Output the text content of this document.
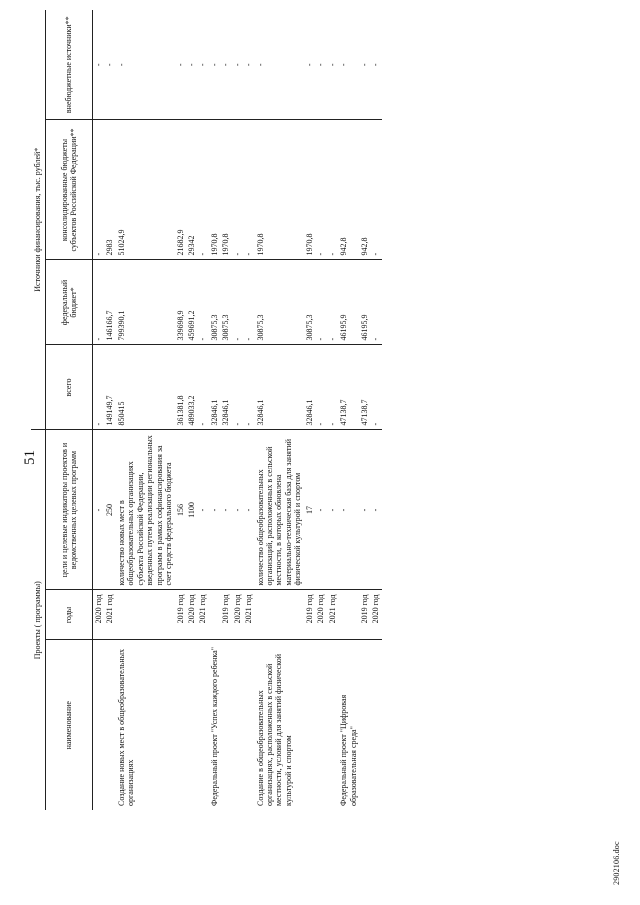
51
2902106.doc
Проекты ( программы)			Источники финансирования, тыс. рублей*			
наименование	годы	цели и целевые индикаторы проектов и ведомственных целевых программ	всего	федеральный бюджет*	консолидированные бюджеты субъектов Российской Федерации**	внебюджетные источники**
	2020 год	-	-	-	-	-
	2021 год	250	149149,7	146166,7	2983	-
Создание новых мест в общеобразовательных организациях		количество новых мест в общеобразовательных организациях субъекта Российской Федерации, введенных путем реализации региональных программ в рамках софинансирования за счет средств федерального бюджета	850415	799390,1	51024,9	-
	2019 год	156	361381,8	339698,9	21682,9	-
	2020 год	1100	489033,2	459691,2	29342	-
	2021 год	-	-	-	-	-
Федеральный проект "Успех каждого ребенка"		-	32846,1	30875,3	1970,8	-
	2019 год	-	32846,1	30875,3	1970,8	-
	2020 год	-	-	-	-	-
	2021 год	-	-	-	-	-
Создание в общеобразовательных организациях, расположенных в сельской местности, условий для занятий физической культурой и спортом		количество общеобразовательных организаций, расположенных в сельской местности, в которых обновлена материально-техническая база для занятий физической культурой и спортом	32846,1	30875,3	1970,8	-
	2019 год	17	32846,1	30875,3	1970,8	-
	2020 год	-	-	-	-	-
	2021 год	-	-	-	-	-
Федеральный проект "Цифровая образовательная среда"		-	47138,7	46195,9	942,8	-
	2019 год	-	47138,7	46195,9	942,8	-
	2020 год	-	-	-	-	-
